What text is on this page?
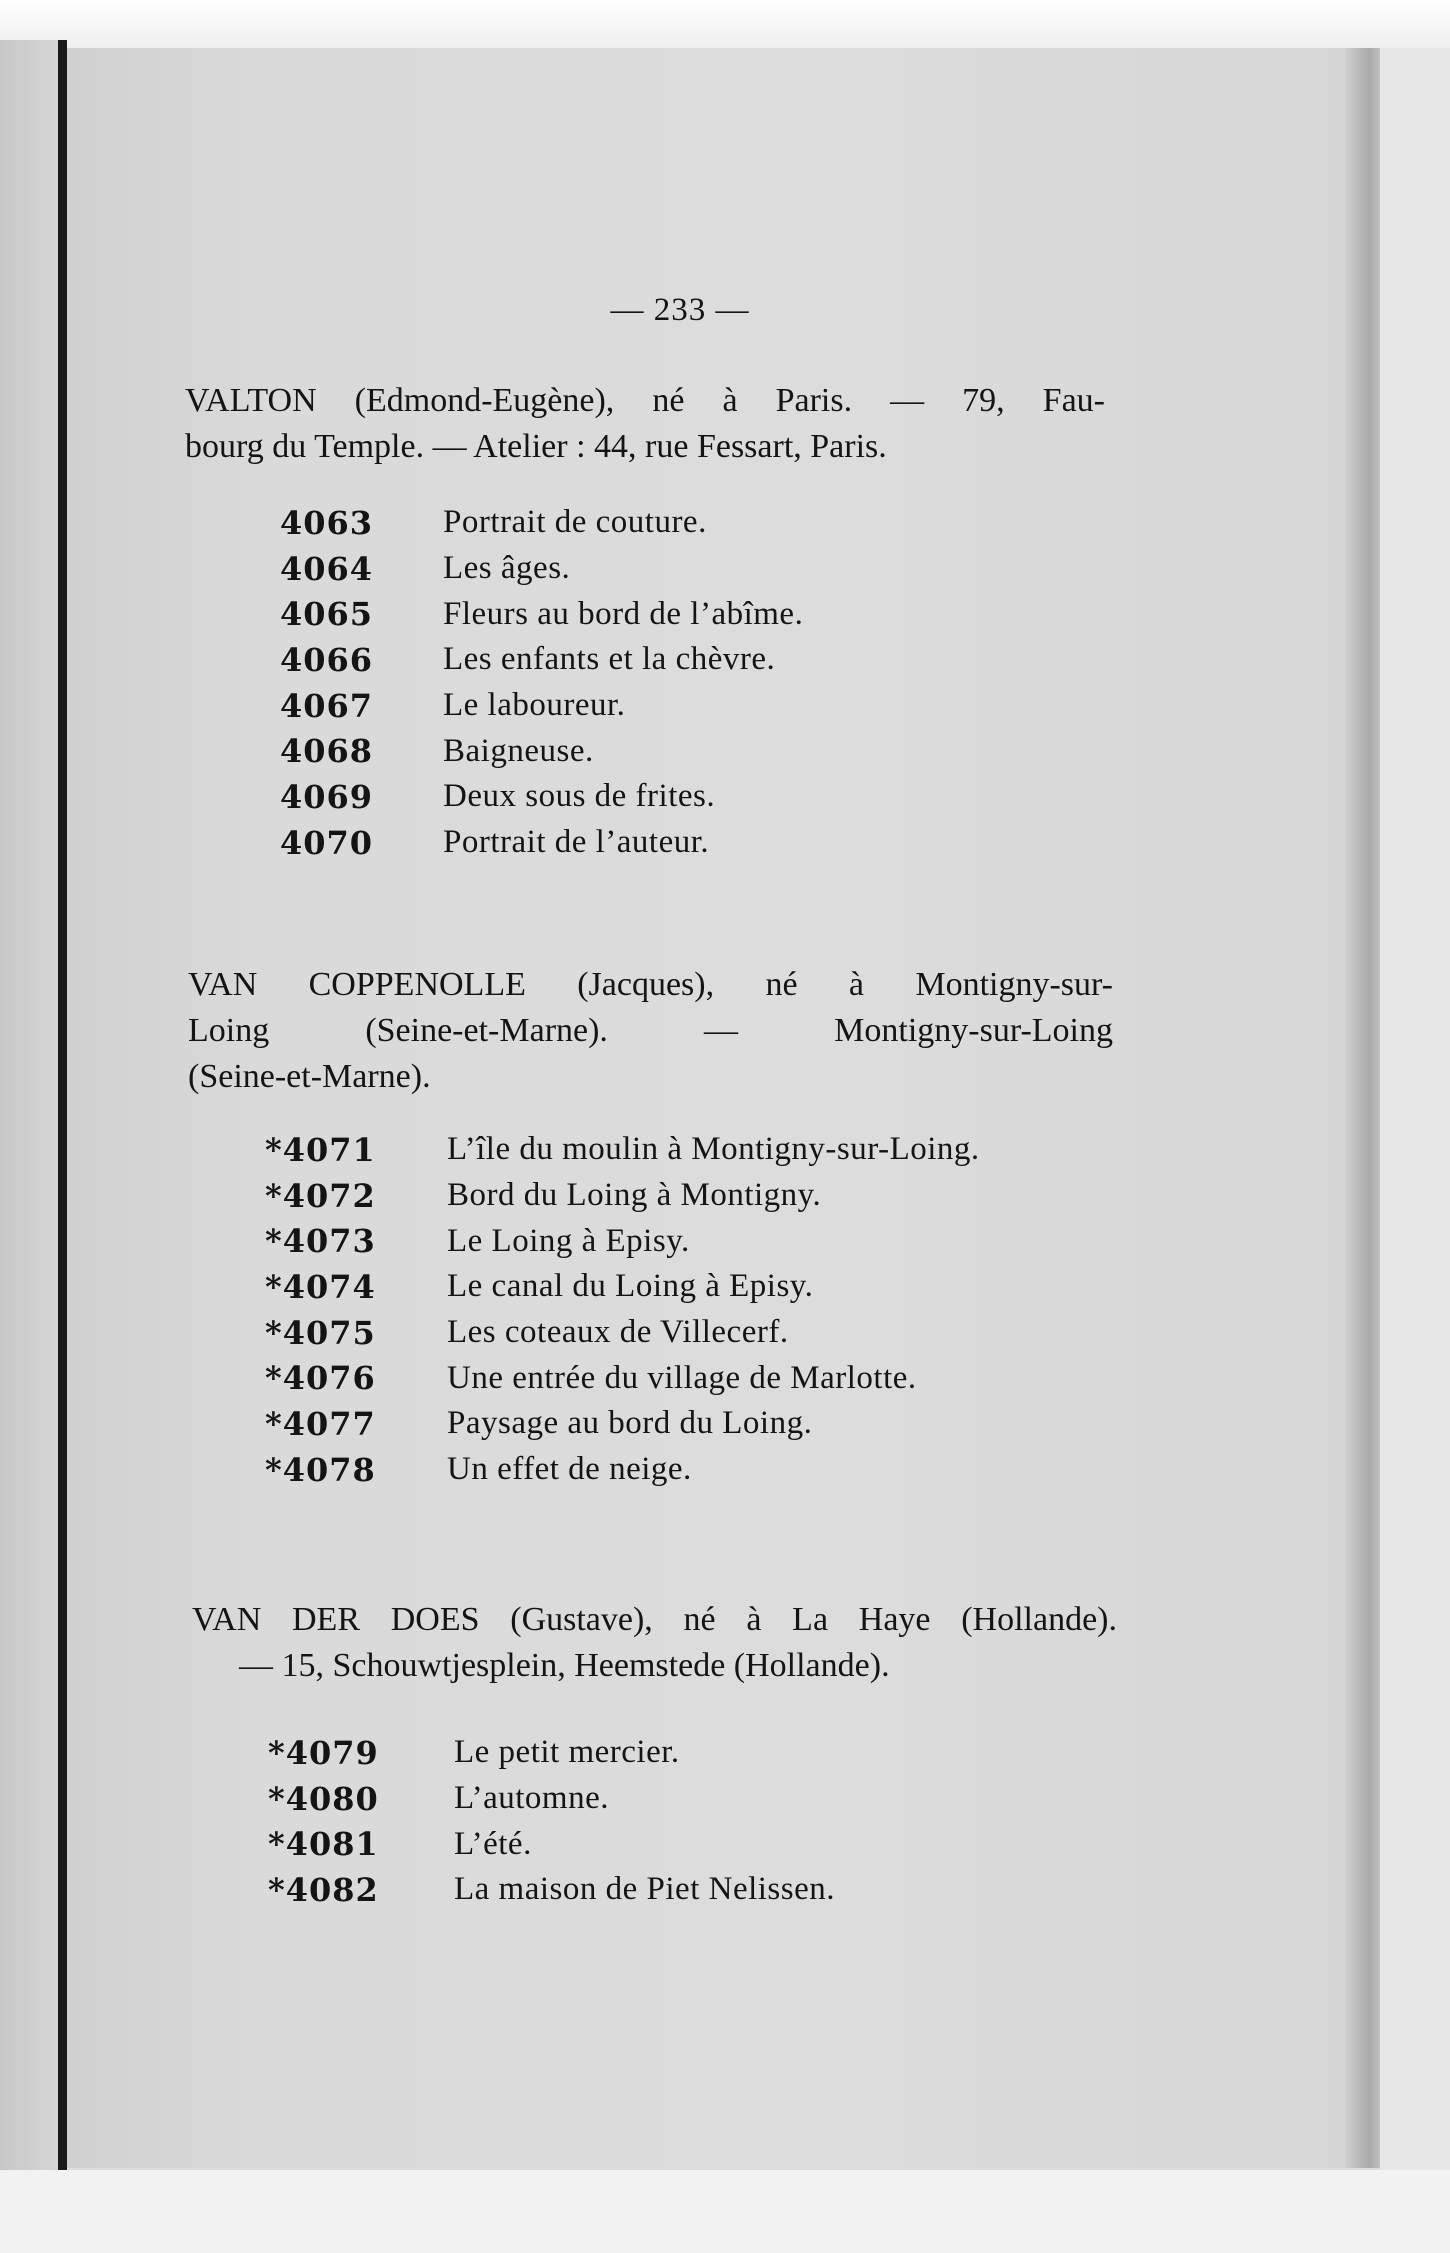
— 233 —

VALTON (Edmond-Eugène), né à Paris. — 79, Fau-
bourg du Temple. — Atelier : 44, rue Fessart, Paris.

4063 Portrait de couture.
4064 Les âges.
4065 Fleurs au bord de l’abîme.
4066 Les enfants et la chèvre.
4067 Le laboureur.
4068 Baigneuse.
4069 Deux sous de frites.
4070 Portrait de l’auteur.

VAN COPPENOLLE (Jacques), né à Montigny-sur-
Loing (Seine-et-Marne). — Montigny-sur-Loing
(Seine-et-Marne).

*4071 L’île du moulin à Montigny-sur-Loing.
*4072 Bord du Loing à Montigny.
*4073 Le Loing à Episy.
*4074 Le canal du Loing à Episy.
*4075 Les coteaux de Villecerf.
*4076 Une entrée du village de Marlotte.
*4077 Paysage au bord du Loing.
*4078 Un effet de neige.

VAN DER DOES (Gustave), né à La Haye (Hollande).
— 15, Schouwtjesplein, Heemstede (Hollande).

*4079 Le petit mercier.
*4080 L’automne.
*4081 L’été.
*4082 La maison de Piet Nelissen.
